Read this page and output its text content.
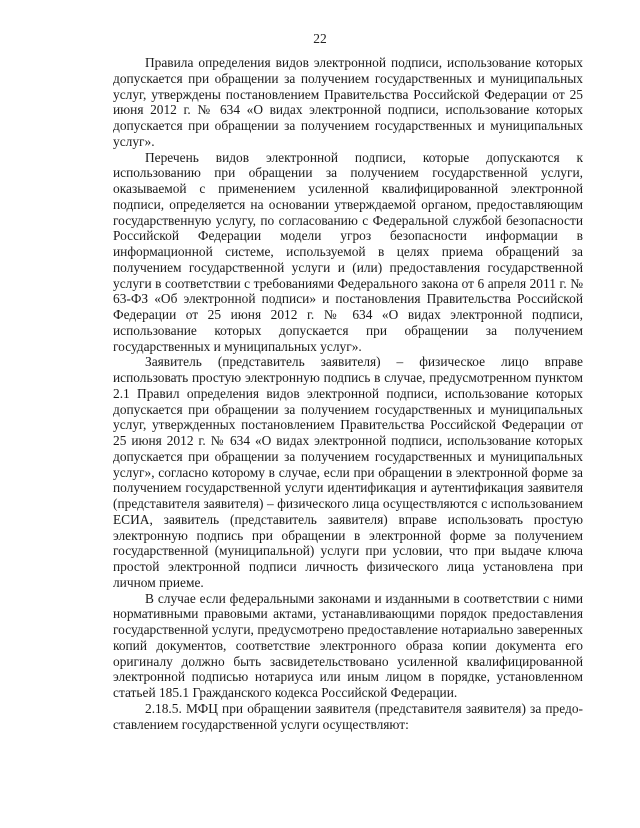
22

Правила определения видов электронной подписи, использование которых допускается при обращении за получением государственных и муниципальных услуг, утверждены постановлением Правительства Российской Федерации от 25 июня 2012 г. № 634 «О видах электронной подписи, использование которых допускается при обращении за получением государственных и муниципальных услуг».

Перечень видов электронной подписи, которые допускаются к использованию при обращении за получением государственной услуги, оказываемой с применением усиленной квалифицированной электронной подписи, определяется на основании утверждаемой органом, предоставляющим государственную услугу, по согласованию с Федеральной службой безопасности Российской Федерации модели угроз безопасности информации в информационной системе, используемой в целях приема обращений за получением государственной услуги и (или) предоставления государственной услуги в соответствии с требованиями Федерального закона от 6 апреля 2011 г. № 63-ФЗ «Об электронной подписи» и постановления Правительства Российской Федерации от 25 июня 2012 г. № 634 «О видах электронной подписи, использование которых допускается при обращении за получением государственных и муниципальных услуг».

Заявитель (представитель заявителя) – физическое лицо вправе использовать простую электронную подпись в случае, предусмотренном пунктом 2.1 Правил определения видов электронной подписи, использование которых допускается при обращении за получением государственных и муниципальных услуг, утвержденных постановлением Правительства Российской Федерации от 25 июня 2012 г. № 634 «О видах электронной подписи, использование которых допускается при обращении за получением государственных и муниципальных услуг», согласно которому в случае, если при обращении в электронной форме за получением государственной услуги идентификация и аутентификация заявителя (представителя заявителя) – физического лица осуществляются с использованием ЕСИА, заявитель (представитель заявителя) вправе использовать простую электронную подпись при обращении в электронной форме за получением государственной (муниципальной) услуги при условии, что при выдаче ключа простой электронной подписи личность физического лица установлена при личном приеме.

В случае если федеральными законами и изданными в соответствии с ними нормативными правовыми актами, устанавливающими порядок предоставления государственной услуги, предусмотрено предоставление нотариально заверенных копий документов, соответствие электронного образа копии документа его оригиналу должно быть засвидетельствовано усиленной квалифицированной электронной подписью нотариуса или иным лицом в порядке, установленном статьей 185.1 Гражданского кодекса Российской Федерации.

2.18.5. МФЦ при обращении заявителя (представителя заявителя) за предоставлением государственной услуги осуществляют:
